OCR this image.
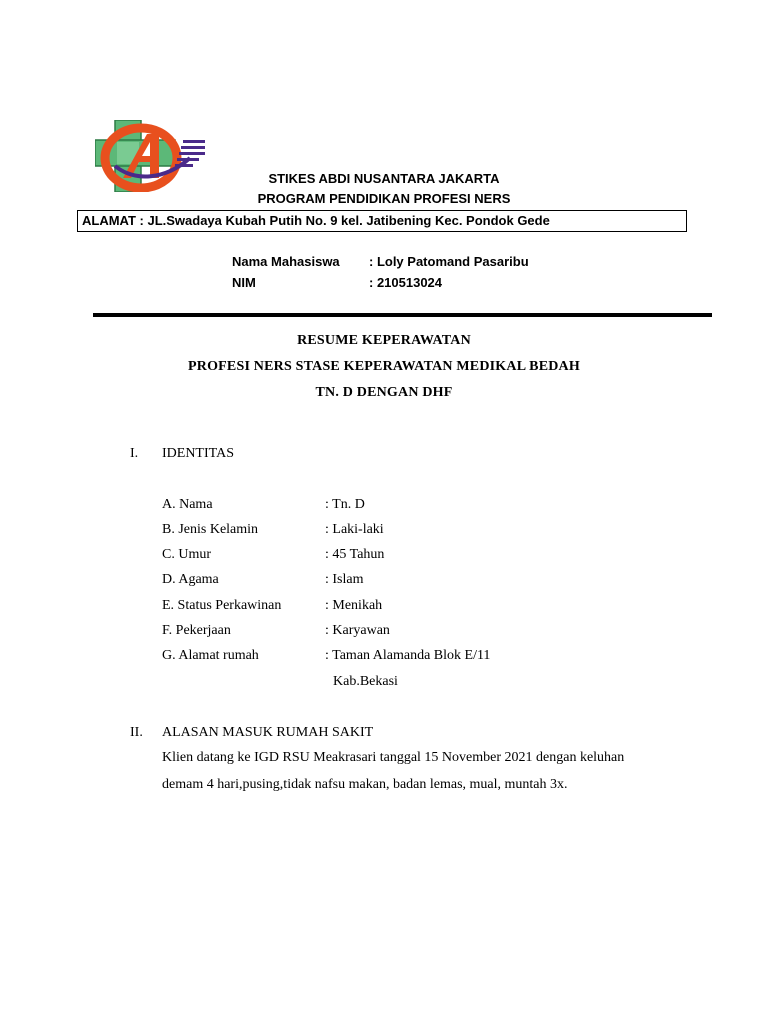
STIKES ABDI NUSANTARA JAKARTA
PROGRAM PENDIDIKAN PROFESI NERS
ALAMAT : JL.Swadaya Kubah Putih No. 9 kel. Jatibening Kec. Pondok Gede
Nama Mahasiswa : Loly Patomand Pasaribu
NIM	: 210513024
RESUME KEPERAWATAN
PROFESI NERS STASE KEPERAWATAN MEDIKAL BEDAH
TN. D DENGAN DHF
I. IDENTITAS
A. Nama	: Tn. D
B. Jenis Kelamin	: Laki-laki
C. Umur	: 45 Tahun
D. Agama	: Islam
E. Status Perkawinan	: Menikah
F. Pekerjaan	: Karyawan
G. Alamat rumah	: Taman Alamanda Blok E/11
Kab.Bekasi
II. ALASAN MASUK RUMAH SAKIT
Klien datang ke IGD RSU Meakrasari tanggal 15 November 2021 dengan keluhan
demam 4 hari,pusing,tidak nafsu makan, badan lemas, mual, muntah 3x.
